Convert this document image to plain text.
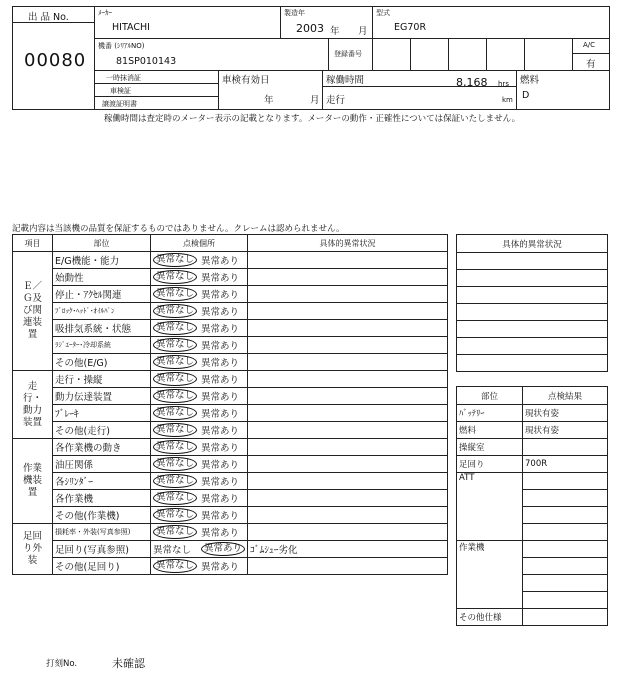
出 品 No.
00080
ﾒｰｶｰ
HITACHI
製造年
2003 年 月
型式
EG70R
機番 (ｼﾘｱﾙNO)
81SP010143
登録番号
A/C
有
一時抹消証
車検証
譲渡証明書
車検有効日
年	月
稼働時間	8,168 hrs
走行	km
燃料
D
稼働時間は査定時のメーター表示の記載となります。メーターの動作・正確性については保証いたしません。
記載内容は当該機の品質を保証するものではありません。クレームは認められません。
項目	部位	点検個所		具体的異常状況
Ｅ／Ｇ及び関連装置	E/G機能・能力	異常なし	異常あり	
	始動性	異常なし	異常あり	
	停止・ｱｸｾﾙ関連	異常なし	異常あり	
	ﾌﾞﾛｯｸ･ﾍｯﾄﾞ･ｵｲﾙﾊﾟﾝ	異常なし	異常あり	
	吸排気系統・状態	異常なし	異常あり	
	ﾗｼﾞｴｰﾀｰ･冷却系統	異常なし	異常あり	
	その他(E/G)	異常なし	異常あり	
走行・動力装置	走行・操縦	異常なし	異常あり	
	動力伝達装置	異常なし	異常あり	
	ﾌﾞﾚｰｷ	異常なし	異常あり	
	その他(走行)	異常なし	異常あり	
作業機装置	各作業機の動き	異常なし	異常あり	
	油圧関係	異常なし	異常あり	
	各ｼﾘﾝﾀﾞｰ	異常なし	異常あり	
	各作業機	異常なし	異常あり	
	その他(作業機)	異常なし	異常あり	
足回り外装	損耗率・外装(写真参照)	異常なし	異常あり	
	足回り(写真参照)	異常なし	異常あり	ｺﾞﾑｼｭｰ劣化
	その他(足回り)	異常なし	異常あり	
具体的異常状況

部位	点検結果
ﾊﾞｯﾃﾘｰ	現状有姿
燃料	現状有姿
操縦室	
足回り	700R
ATT	

作業機	

その他仕様	
打刻No.	未確認
